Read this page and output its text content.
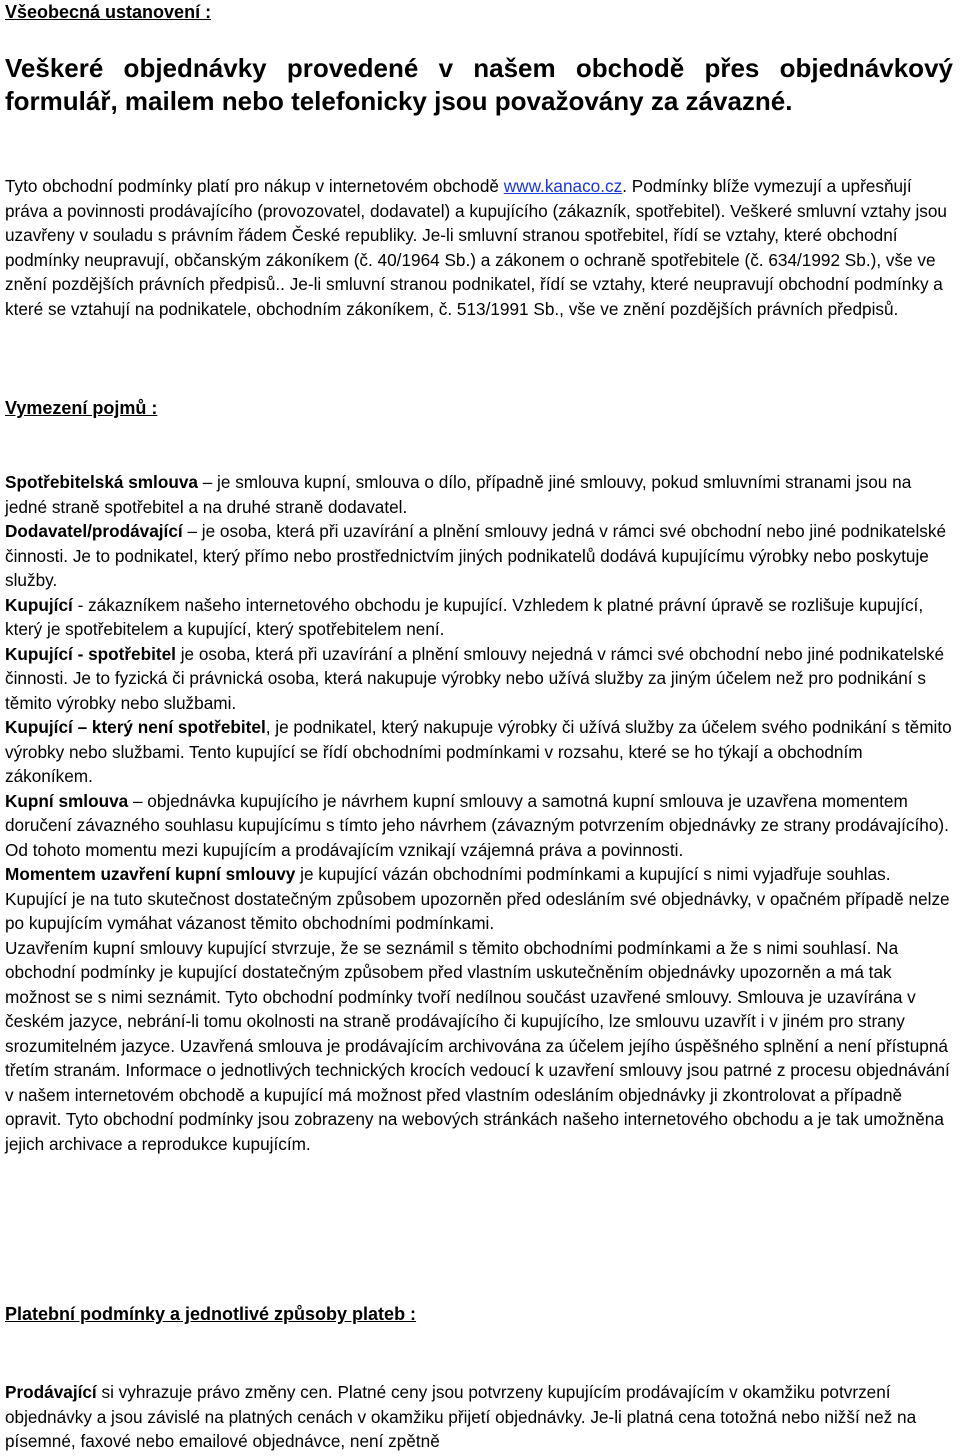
Všeobecná ustanovení :

Veškeré objednávky provedené v našem obchodě přes objednávkový formulář, mailem nebo telefonicky jsou považovány za závazné.

Tyto obchodní podmínky platí pro nákup v internetovém obchodě www.kanaco.cz. Podmínky blíže vymezují a upřesňují práva a povinnosti prodávajícího (provozovatel, dodavatel) a kupujícího (zákazník, spotřebitel). Veškeré smluvní vztahy jsou uzavřeny v souladu s právním řádem České republiky. Je-li smluvní stranou spotřebitel, řídí se vztahy, které obchodní podmínky neupravují, občanským zákoníkem (č. 40/1964 Sb.) a zákonem o ochraně spotřebitele (č. 634/1992 Sb.), vše ve znění pozdějších právních předpisů.. Je-li smluvní stranou podnikatel, řídí se vztahy, které neupravují obchodní podmínky a které se vztahují na podnikatele, obchodním zákoníkem, č. 513/1991 Sb., vše ve znění pozdějších právních předpisů.

Vymezení pojmů :

Spotřebitelská smlouva – je smlouva kupní, smlouva o dílo, případně jiné smlouvy, pokud smluvními stranami jsou na jedné straně spotřebitel a na druhé straně dodavatel.

Dodavatel/prodávající – je osoba, která při uzavírání a plnění smlouvy jedná v rámci své obchodní nebo jiné podnikatelské činnosti. Je to podnikatel, který přímo nebo prostřednictvím jiných podnikatelů dodává kupujícímu výrobky nebo poskytuje služby.

Kupující - zákazníkem našeho internetového obchodu je kupující. Vzhledem k platné právní úpravě se rozlišuje kupující, který je spotřebitelem a kupující, který spotřebitelem není.

Kupující - spotřebitel je osoba, která při uzavírání a plnění smlouvy nejedná v rámci své obchodní nebo jiné podnikatelské činnosti. Je to fyzická či právnická osoba, která nakupuje výrobky nebo užívá služby za jiným účelem než pro podnikání s těmito výrobky nebo službami.

Kupující – který není spotřebitel, je podnikatel, který nakupuje výrobky či užívá služby za účelem svého podnikání s těmito výrobky nebo službami. Tento kupující se řídí obchodními podmínkami v rozsahu, které se ho týkají a obchodním zákoníkem.

Kupní smlouva – objednávka kupujícího je návrhem kupní smlouvy a samotná kupní smlouva je uzavřena momentem doručení závazného souhlasu kupujícímu s tímto jeho návrhem (závazným potvrzením objednávky ze strany prodávajícího). Od tohoto momentu mezi kupujícím a prodávajícím vznikají vzájemná práva a povinnosti.

Momentem uzavření kupní smlouvy je kupující vázán obchodními podmínkami a kupující s nimi vyjadřuje souhlas. Kupující je na tuto skutečnost dostatečným způsobem upozorněn před odesláním své objednávky, v opačném případě nelze po kupujícím vymáhat vázanost těmito obchodními podmínkami.

Uzavřením kupní smlouvy kupující stvrzuje, že se seznámil s těmito obchodními podmínkami a že s nimi souhlasí. Na obchodní podmínky je kupující dostatečným způsobem před vlastním uskutečněním objednávky upozorněn a má tak možnost se s nimi seznámit. Tyto obchodní podmínky tvoří nedílnou součást uzavřené smlouvy. Smlouva je uzavírána v českém jazyce, nebrání-li tomu okolnosti na straně prodávajícího či kupujícího, lze smlouvu uzavřít i v jiném pro strany srozumitelném jazyce. Uzavřená smlouva je prodávajícím archivována za účelem jejího úspěšného splnění a není přístupná třetím stranám. Informace o jednotlivých technických krocích vedoucí k uzavření smlouvy jsou patrné z procesu objednávání v našem internetovém obchodě a kupující má možnost před vlastním odesláním objednávky ji zkontrolovat a případně opravit. Tyto obchodní podmínky jsou zobrazeny na webových stránkách našeho internetového obchodu a je tak umožněna jejich archivace a reprodukce kupujícím.

Platební podmínky a jednotlivé způsoby plateb :

Prodávající si vyhrazuje právo změny cen. Platné ceny jsou potvrzeny kupujícím prodávajícím v okamžiku potvrzení objednávky a jsou závislé na platných cenách v okamžiku přijetí objednávky. Je-li platná cena totožná nebo nižší než na písemné, faxové nebo emailové objednávce, není zpětně
